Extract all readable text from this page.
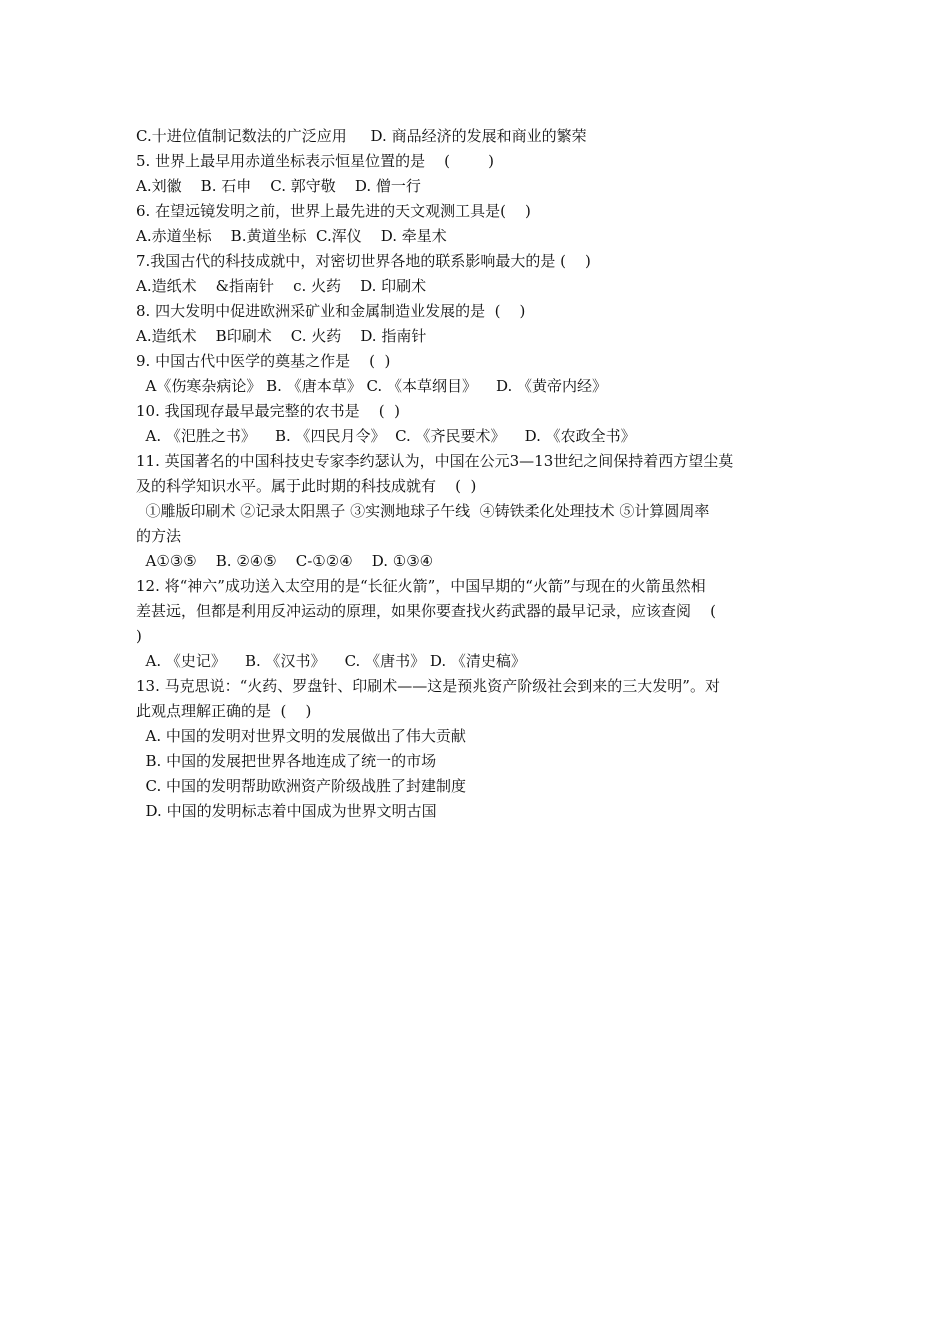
C.十进位值制记数法的广泛应用     D. 商品经济的发展和商业的繁荣
5. 世界上最早用赤道坐标表示恒星位置的是    (        )
A.刘徽    B. 石申    C. 郭守敬    D. 僧一行
6. 在望远镜发明之前，世界上最先进的天文观测工具是(    )
A.赤道坐标    B.黄道坐标  C.浑仪    D. 牵星术
7.我国古代的科技成就中，对密切世界各地的联系影响最大的是 (    )
A.造纸术    &指南针    c. 火药    D. 印刷术
8. 四大发明中促进欧洲采矿业和金属制造业发展的是  (    )
A.造纸术    B印刷术    C. 火药    D. 指南针
9. 中国古代中医学的奠基之作是    (  )
A《伤寒杂病论》 B. 《唐本草》 C. 《本草纲目》    D. 《黄帝内经》
10. 我国现存最早最完整的农书是    (  )
A. 《汜胜之书》    B. 《四民月令》  C. 《齐民要术》    D. 《农政全书》
11. 英国著名的中国科技史专家李约瑟认为，中国在公元3—13世纪之间保持着西方望尘莫
及的科学知识水平。属于此时期的科技成就有    (  )
①雕版印刷术 ②记录太阳黑子 ③实测地球子午线  ④铸铁柔化处理技术 ⑤计算圆周率
的方法
A①③⑤    B. ②④⑤    C-①②④    D. ①③④
12. 将“神六”成功送入太空用的是“长征火箭”，中国早期的“火箭”与现在的火箭虽然相
差甚远，但都是利用反冲运动的原理，如果你要查找火药武器的最早记录，应该查阅    (
)
A. 《史记》    B. 《汉书》    C. 《唐书》 D. 《清史稿》
13. 马克思说：“火药、罗盘针、印刷术——这是预兆资产阶级社会到来的三大发明”。对
此观点理解正确的是  (    )
A. 中国的发明对世界文明的发展做出了伟大贡献
B. 中国的发展把世界各地连成了统一的市场
C. 中国的发明帮助欧洲资产阶级战胜了封建制度
D. 中国的发明标志着中国成为世界文明古国
